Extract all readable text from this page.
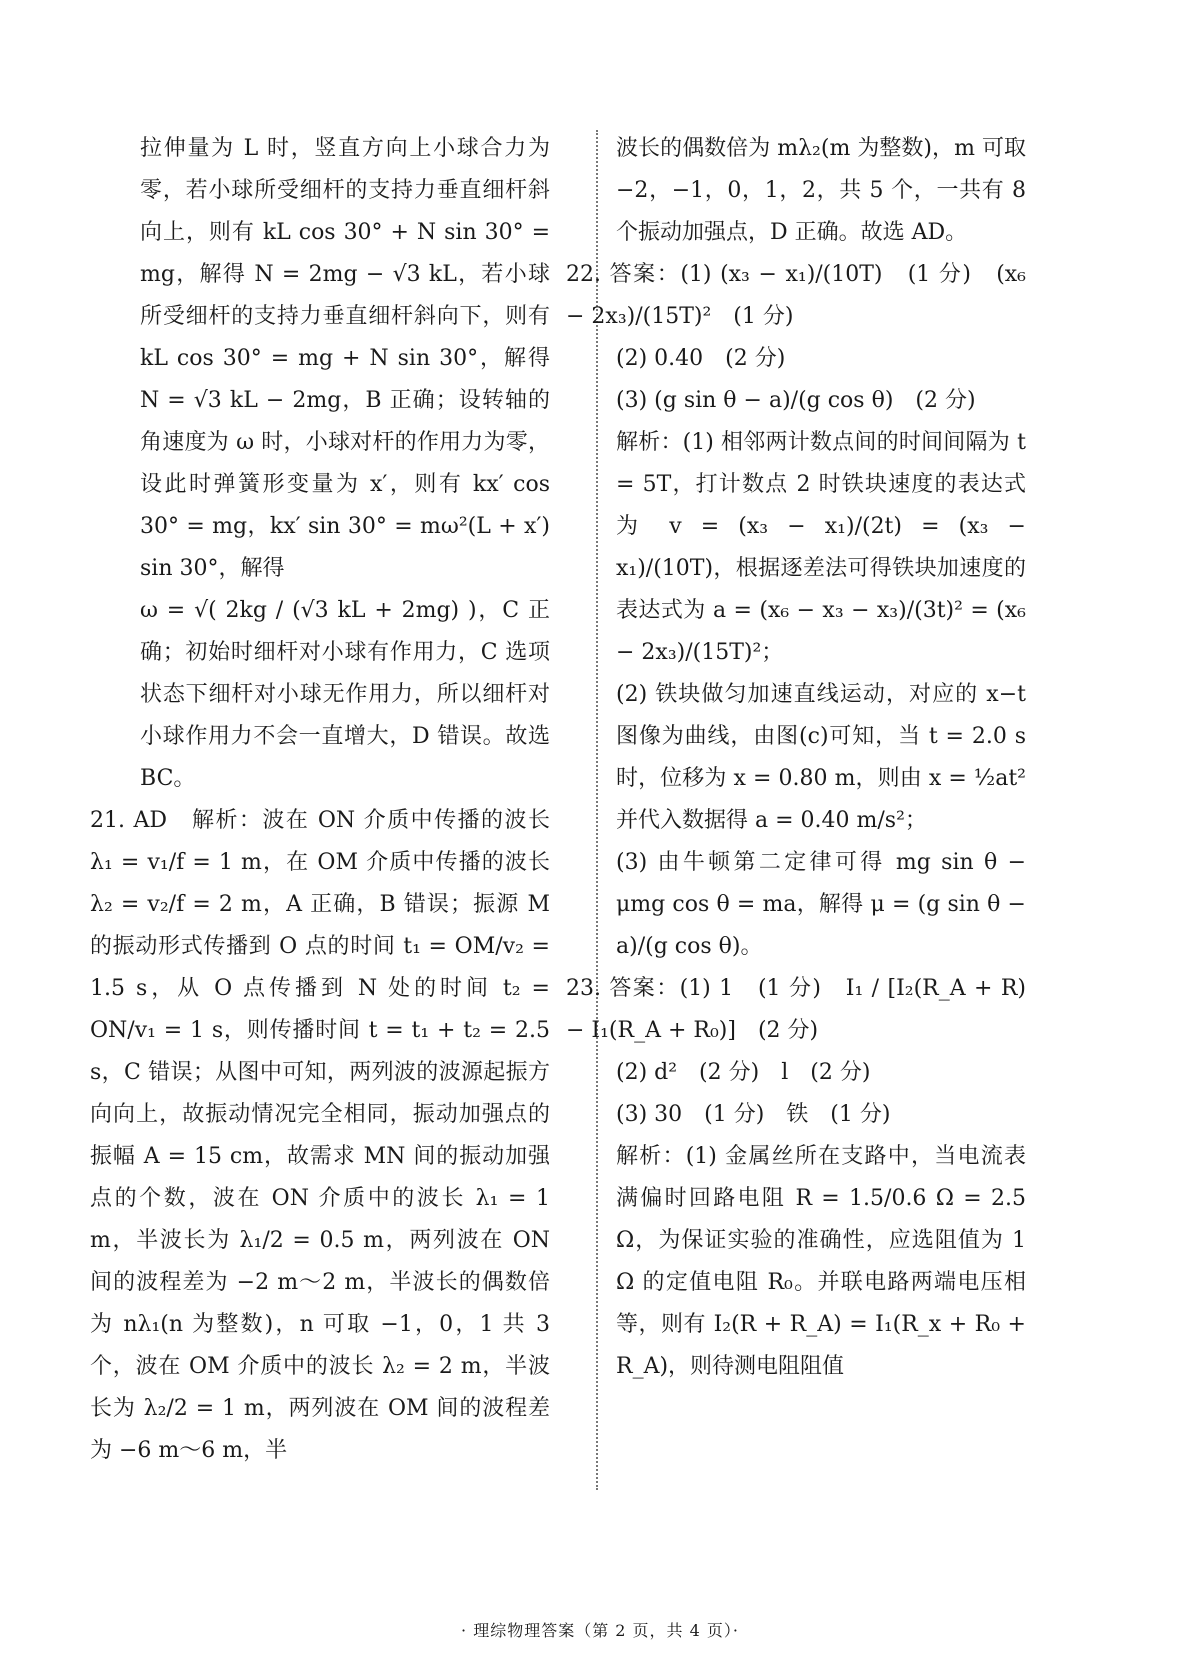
拉伸量为 L 时，竖直方向上小球合力为零，若小球所受细杆的支持力垂直细杆斜向上，则有 kL cos 30° + N sin 30° = mg，解得 N = 2mg − √3 kL，若小球所受细杆的支持力垂直细杆斜向下，则有 kL cos 30° = mg + N sin 30°，解得 N = √3 kL − 2mg，B 正确；设转轴的角速度为 ω 时，小球对杆的作用力为零，设此时弹簧形变量为 x′，则有 kx′ cos 30° = mg，kx′ sin 30° = mω²(L + x′) sin 30°，解得

ω = √( 2kg / (√3 kL + 2mg) )，C 正确；初始时细杆对小球有作用力，C 选项状态下细杆对小球无作用力，所以细杆对小球作用力不会一直增大，D 错误。故选 BC。

21. AD　解析：波在 ON 介质中传播的波长 λ₁ = v₁/f = 1 m，在 OM 介质中传播的波长 λ₂ = v₂/f = 2 m，A 正确，B 错误；振源 M 的振动形式传播到 O 点的时间 t₁ = OM/v₂ = 1.5 s，从 O 点传播到 N 处的时间 t₂ = ON/v₁ = 1 s，则传播时间 t = t₁ + t₂ = 2.5 s，C 错误；从图中可知，两列波的波源起振方向向上，故振动情况完全相同，振动加强点的振幅 A = 15 cm，故需求 MN 间的振动加强点的个数，波在 ON 介质中的波长 λ₁ = 1 m，半波长为 λ₁/2 = 0.5 m，两列波在 ON 间的波程差为 −2 m～2 m，半波长的偶数倍为 nλ₁(n 为整数)，n 可取 −1，0，1 共 3 个，波在 OM 介质中的波长 λ₂ = 2 m，半波长为 λ₂/2 = 1 m，两列波在 OM 间的波程差为 −6 m～6 m，半

波长的偶数倍为 mλ₂(m 为整数)，m 可取 −2，−1，0，1，2，共 5 个，一共有 8 个振动加强点，D 正确。故选 AD。

22. 答案：(1) (x₃ − x₁)/(10T)　(1 分)　(x₆ − 2x₃)/(15T)²　(1 分)

(2) 0.40　(2 分)

(3) (g sin θ − a)/(g cos θ)　(2 分)

解析：(1) 相邻两计数点间的时间间隔为 t = 5T，打计数点 2 时铁块速度的表达式为 v = (x₃ − x₁)/(2t) = (x₃ − x₁)/(10T)，根据逐差法可得铁块加速度的表达式为 a = (x₆ − x₃ − x₃)/(3t)² = (x₆ − 2x₃)/(15T)²；

(2) 铁块做匀加速直线运动，对应的 x−t 图像为曲线，由图(c)可知，当 t = 2.0 s 时，位移为 x = 0.80 m，则由 x = ½at² 并代入数据得 a = 0.40 m/s²；

(3) 由牛顿第二定律可得 mg sin θ − μmg cos θ = ma，解得 μ = (g sin θ − a)/(g cos θ)。

23. 答案：(1) 1　(1 分)　I₁ / [I₂(R_A + R) − I₁(R_A + R₀)]　(2 分)

(2) d²　(2 分)　l　(2 分)

(3) 30　(1 分)　铁　(1 分)

解析：(1) 金属丝所在支路中，当电流表满偏时回路电阻 R = 1.5/0.6 Ω = 2.5 Ω，为保证实验的准确性，应选阻值为 1 Ω 的定值电阻 R₀。并联电路两端电压相等，则有 I₂(R + R_A) = I₁(R_x + R₀ + R_A)，则待测电阻阻值

· 理综物理答案（第 2 页，共 4 页）·
